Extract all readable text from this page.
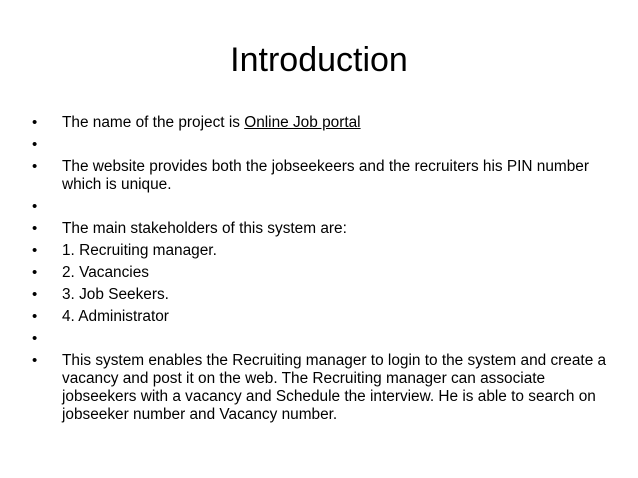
Introduction
•	The name of the project is Online Job portal
•
•	The website provides both the jobseekeers and the recruiters his PIN number which is unique.
•
•	The main stakeholders of this system are:
•	1. Recruiting manager.
•	2. Vacancies
•	3. Job Seekers.
•	4. Administrator
•
•	This system enables the Recruiting manager to login to the system and create a vacancy and post it on the web. The Recruiting manager can associate jobseekers with a vacancy and Schedule the interview. He is able to search on jobseeker number and Vacancy number.
